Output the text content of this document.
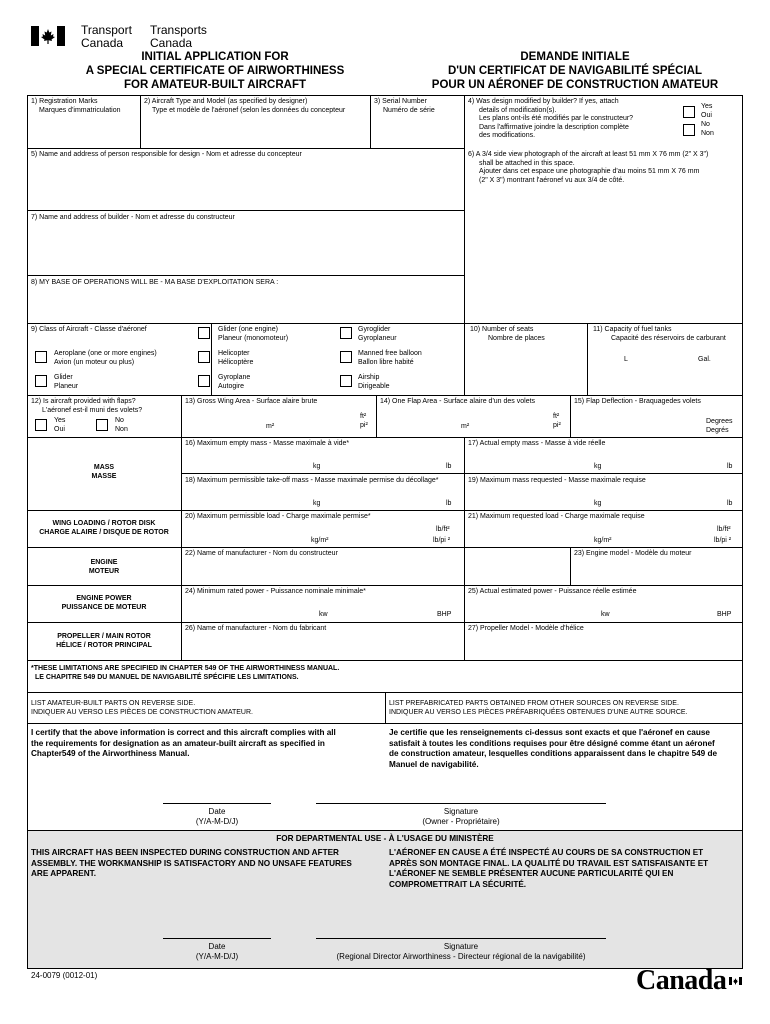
Transport
Canada
Transports
Canada
INITIAL APPLICATION FOR
A SPECIAL CERTIFICATE OF AIRWORTHINESS
FOR AMATEUR-BUILT AIRCRAFT
DEMANDE INITIALE
D'UN CERTIFICAT DE NAVIGABILITÉ SPÉCIAL
POUR UN AÉRONEF DE CONSTRUCTION AMATEUR
1) Registration Marks
Marques d'immatriculation
2) Aircraft Type and Model (as specified by designer)
Type et modèle de l'aéronef (selon les données du concepteur
3) Serial Number
Numéro de série
4) Was design modified by builder? If yes, attach
details of modification(s).
Les plans ont-ils été modifiés par le constructeur?
Dans l'affirmative joindre la description complète
des modifications.
Yes
Oui
No
Non
5) Name and address of person responsible for design - Nom et adresse du concepteur	6) A 3/4 side view photograph of the aircraft at least 51 mm X 76 mm (2" X 3")
shall be attached in this space.
Ajouter dans cet espace une photographie d'au moins 51 mm X 76 mm
(2" X 3") montrant l'aéronef vu aux 3/4 de côté.
7) Name and address of builder - Nom et adresse du constructeur
8) MY BASE OF OPERATIONS WILL BE - MA BASE D'EXPLOITATION SERA :
9) Class of Aircraft - Classe d'aéronef	Glider (one engine)
Planeur (monomoteur)
Gyroglider
Gyroplaneur
Aeroplane (one or more engines)
Avion (un moteur ou plus)
Helicopter
Hélicoptère
Manned free balloon
Ballon libre habité
Glider
Planeur
Gyroplane
Autogire
Airship
Dirigeable
10) Number of seats
Nombre de places
11) Capacity of fuel tanks
Capacité des réservoirs de carburant
L	Gal.
12) Is aircraft provided with flaps?
L'aéronef est-il muni des volets?
Yes
Oui
No
Non
13) Gross Wing Area - Surface alaire brute
ft²
pi²
m²
14) One Flap Area - Surface alaire d'un des volets
ft²
pi²
m²
15) Flap Deflection - Braquagedes volets
Degrees
Degrés
MASS
MASSE
16) Maximum empty mass - Masse maximale à vide*
kg	lb
17) Actual empty mass - Masse à vide réelle
kg	lb
18) Maximum permissible take-off mass - Masse maximale permise du décollage*
kg	lb
19) Maximum mass requested - Masse maximale requise
kg	lb
WING LOADING / ROTOR DISK
CHARGE ALAIRE / DISQUE DE ROTOR
20) Maximum permissible load - Charge maximale permise*
lb/ft²
kg/m²	lb/pi ²
21) Maximum requested load - Charge maximale requise
lb/ft²
kg/m²	lb/pi ²
ENGINE
MOTEUR
22) Name of manufacturer - Nom du constructeur	23) Engine model - Modèle du moteur
ENGINE POWER
PUISSANCE DE MOTEUR
24) Minimum rated power - Puissance nominale minimale*
kw	BHP
25) Actual estimated power - Puissance réelle estimée
kw	BHP
PROPELLER / MAIN ROTOR
HÉLICE / ROTOR PRINCIPAL
26) Name of manufacturer - Nom du fabricant	27) Propeller Model - Modèle d'hélice
*THESE LIMITATIONS ARE SPECIFIED IN CHAPTER 549 OF THE AIRWORTHINESS MANUAL.
LE CHAPITRE 549 DU MANUEL DE NAVIGABILITÉ SPÉCIFIE LES LIMITATIONS.
LIST AMATEUR-BUILT PARTS ON REVERSE SIDE.
INDIQUER AU VERSO LES PIÈCES DE CONSTRUCTION AMATEUR.
LIST PREFABRICATED PARTS OBTAINED FROM OTHER SOURCES ON REVERSE SIDE.
INDIQUER AU VERSO LES PIÈCES PRÉFABRIQUÉES OBTENUES D'UNE AUTRE SOURCE.
I certify that the above information is correct and this aircraft complies with all
the requirements for designation as an amateur-built aircraft as specified in
Chapter549 of the Airworthiness Manual.
Je certifie que les renseignements ci-dessus sont exacts et que l'aéronef en cause
satisfait à toutes les conditions requises pour être désigné comme étant un aéronef
de construction amateur, lesquelles conditions apparaissent dans le chapitre 549 de
Manuel de navigabilité.
Date
(Y/A-M-D/J)
Signature
(Owner - Propriétaire)
FOR DEPARTMENTAL USE - À L'USAGE DU MINISTÈRE
THIS AIRCRAFT HAS BEEN INSPECTED DURING CONSTRUCTION AND AFTER
ASSEMBLY. THE WORKMANSHIP IS SATISFACTORY AND NO UNSAFE FEATURES
ARE APPARENT.
L'AÉRONEF EN CAUSE A ÉTÉ INSPECTÉ AU COURS DE SA CONSTRUCTION ET
APRÈS SON MONTAGE FINAL. LA QUALITÉ DU TRAVAIL EST SATISFAISANTE ET
L'AÉRONEF NE SEMBLE PRÉSENTER AUCUNE PARTICULARITÉ QUI EN
COMPROMETTRAIT LA SÉCURITÉ.
Date
(Y/A-M-D/J)
Signature
(Regional Director Airworthiness - Directeur régional de la navigabilité)
24-0079 (0012-01)	Canada
